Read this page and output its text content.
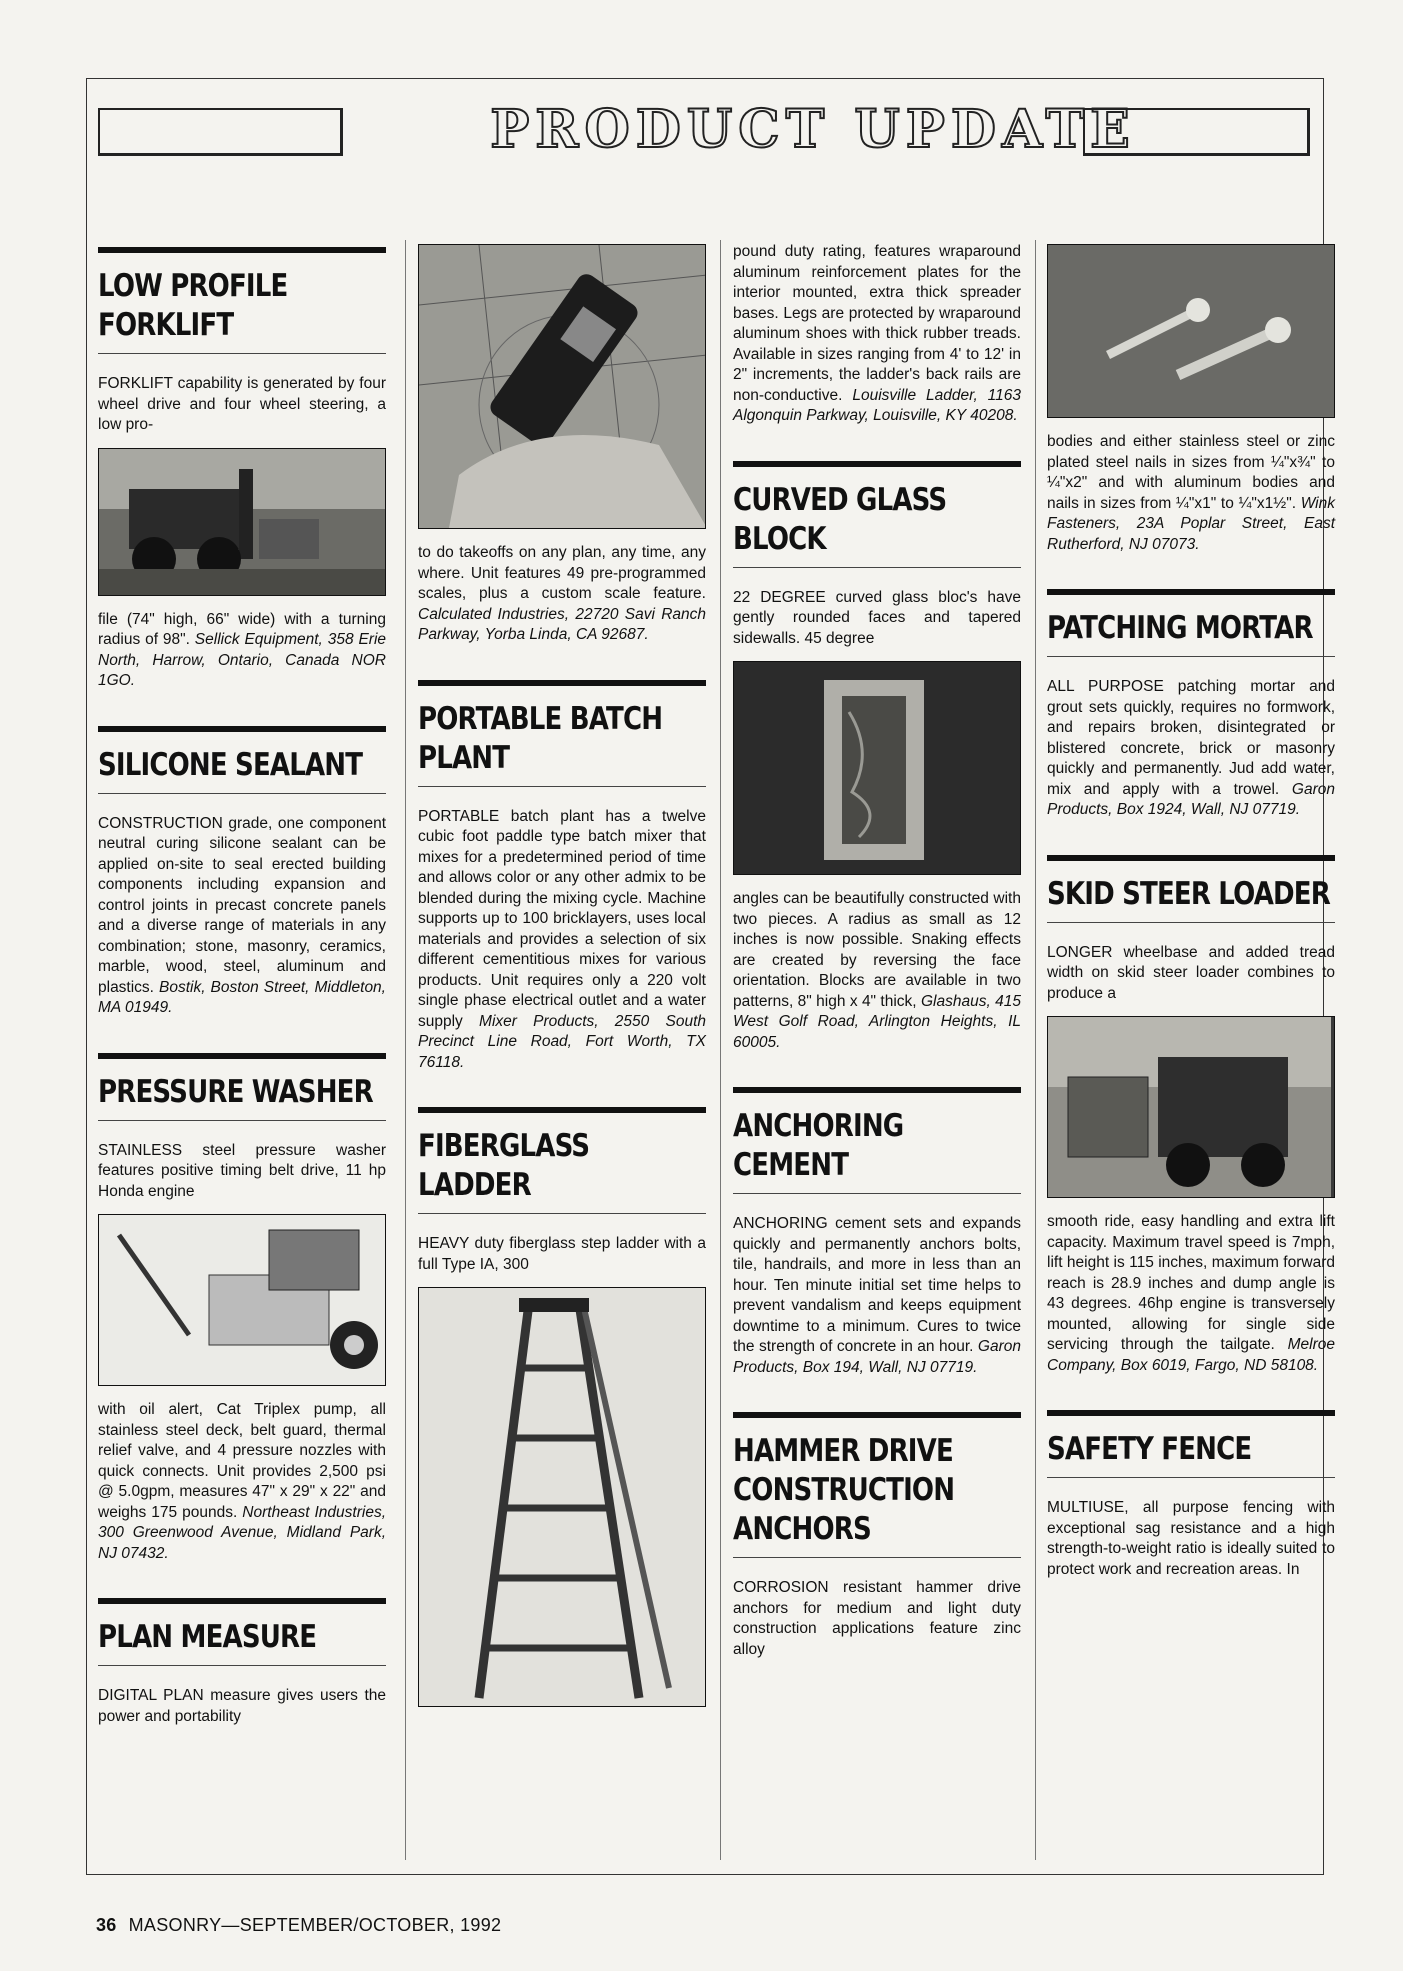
PRODUCT UPDATE
LOW PROFILE FORKLIFT

FORKLIFT capability is generated by four wheel drive and four wheel steering, a low pro-

file (74" high, 66" wide) with a turning radius of 98". Sellick Equipment, 358 Erie North, Harrow, Ontario, Canada NOR 1GO.

SILICONE SEALANT

CONSTRUCTION grade, one component neutral curing silicone sealant can be applied on-site to seal erected building components including expansion and control joints in precast concrete panels and a diverse range of materials in any combination; stone, masonry, ceramics, marble, wood, steel, aluminum and plastics. Bostik, Boston Street, Middleton, MA 01949.

PRESSURE WASHER

STAINLESS steel pressure washer features positive timing belt drive, 11 hp Honda engine

with oil alert, Cat Triplex pump, all stainless steel deck, belt guard, thermal relief valve, and 4 pressure nozzles with quick connects. Unit provides 2,500 psi @ 5.0gpm, measures 47" x 29" x 22" and weighs 175 pounds. Northeast Industries, 300 Greenwood Avenue, Midland Park, NJ 07432.

PLAN MEASURE

DIGITAL PLAN measure gives users the power and portability

to do takeoffs on any plan, any time, any where. Unit features 49 pre-programmed scales, plus a custom scale feature. Calculated Industries, 22720 Savi Ranch Parkway, Yorba Linda, CA 92687.

PORTABLE BATCH PLANT

PORTABLE batch plant has a twelve cubic foot paddle type batch mixer that mixes for a predetermined period of time and allows color or any other admix to be blended during the mixing cycle. Machine supports up to 100 bricklayers, uses local materials and provides a selection of six different cementitious mixes for various products. Unit requires only a 220 volt single phase electrical outlet and a water supply Mixer Products, 2550 South Precinct Line Road, Fort Worth, TX 76118.

FIBERGLASS LADDER

HEAVY duty fiberglass step ladder with a full Type IA, 300

pound duty rating, features wraparound aluminum reinforcement plates for the interior mounted, extra thick spreader bases. Legs are protected by wraparound aluminum shoes with thick rubber treads. Available in sizes ranging from 4' to 12' in 2" increments, the ladder's back rails are non-conductive. Louisville Ladder, 1163 Algonquin Parkway, Louisville, KY 40208.

CURVED GLASS BLOCK

22 DEGREE curved glass bloc's have gently rounded faces and tapered sidewalls. 45 degree

angles can be beautifully constructed with two pieces. A radius as small as 12 inches is now possible. Snaking effects are created by reversing the face orientation. Blocks are available in two patterns, 8" high x 4" thick, Glashaus, 415 West Golf Road, Arlington Heights, IL 60005.

ANCHORING CEMENT

ANCHORING cement sets and expands quickly and permanently anchors bolts, tile, handrails, and more in less than an hour. Ten minute initial set time helps to prevent vandalism and keeps equipment downtime to a minimum. Cures to twice the strength of concrete in an hour. Garon Products, Box 194, Wall, NJ 07719.

HAMMER DRIVE CONSTRUCTION ANCHORS

CORROSION resistant hammer drive anchors for medium and light duty construction applications feature zinc alloy

bodies and either stainless steel or zinc plated steel nails in sizes from ¼"x¾" to ¼"x2" and with aluminum bodies and nails in sizes from ¼"x1" to ¼"x1½". Wink Fasteners, 23A Poplar Street, East Rutherford, NJ 07073.

PATCHING MORTAR

ALL PURPOSE patching mortar and grout sets quickly, requires no formwork, and repairs broken, disintegrated or blistered concrete, brick or masonry quickly and permanently. Jud add water, mix and apply with a trowel. Garon Products, Box 1924, Wall, NJ 07719.

SKID STEER LOADER

LONGER wheelbase and added tread width on skid steer loader combines to produce a

smooth ride, easy handling and extra lift capacity. Maximum travel speed is 7mph, lift height is 115 inches, maximum forward reach is 28.9 inches and dump angle is 43 degrees. 46hp engine is transversely mounted, allowing for single side servicing through the tailgate. Melroe Company, Box 6019, Fargo, ND 58108.

SAFETY FENCE

MULTIUSE, all purpose fencing with exceptional sag resistance and a high strength-to-weight ratio is ideally suited to protect work and recreation areas. In

36 MASONRY—SEPTEMBER/OCTOBER, 1992
